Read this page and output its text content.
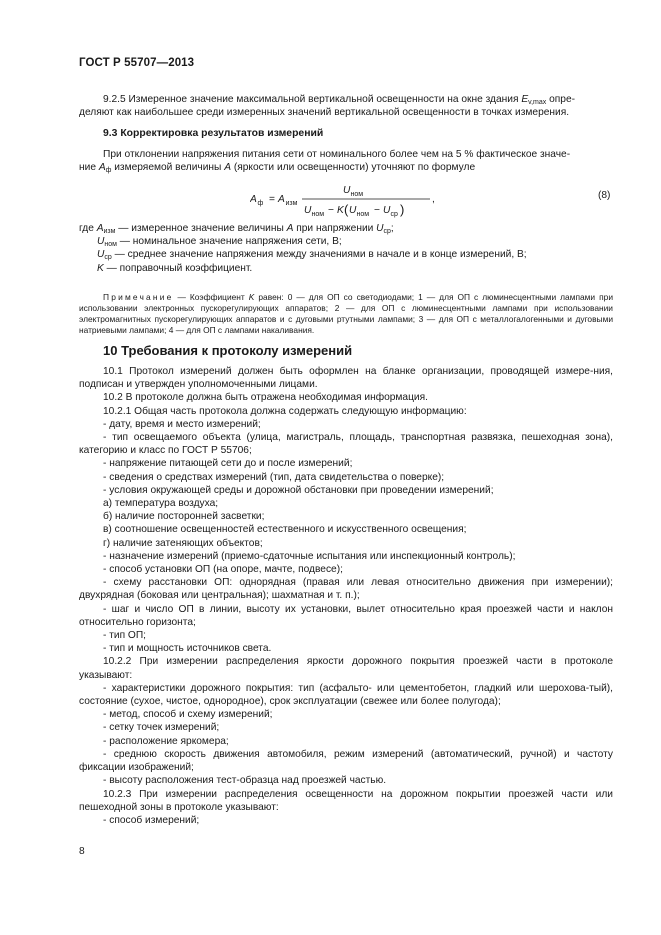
ГОСТ Р 55707—2013

9.2.5 Измеренное значение максимальной вертикальной освещенности на окне здания $E_{v,max}$ опре-

деляют как наибольшее среди измеренных значений вертикальной освещенности в точках измерения.

9.3 Корректировка результатов измерений

При отклонении напряжения питания сети от номинального более чем на 5 % фактическое значе-

ние $A_ф$ измеряемой величины A (яркости или освещенности) уточняют по формуле

A ф = A изм
U ном
U ном − K ( U ном − U ср )
,	(8)

где $A_{изм}$ — измеренное значение величины A при напряжении $U_{ср}$;

$U_{ном}$ — номинальное значение напряжения сети, В;

$U_{ср}$ — среднее значение напряжения между значениями в начале и в конце измерений, В;

K — поправочный коэффициент.

Примечание — Коэффициент K равен: 0 — для ОП со светодиодами; 1 — для ОП с люминесцентными лампами при использовании электронных пускорегулирующих аппаратов; 2 — для ОП с люминесцентными лампами при использовании электромагнитных пускорегулирующих аппаратов и с дуговыми ртутными лампами; 3 — для ОП с металлогалогенными и дуговыми натриевыми лампами; 4 — для ОП с лампами накаливания.

10 Требования к протоколу измерений

10.1 Протокол измерений должен быть оформлен на бланке организации, проводящей измере-ния, подписан и утвержден уполномоченными лицами.

10.2 В протоколе должна быть отражена необходимая информация.

10.2.1 Общая часть протокола должна содержать следующую информацию:

- дату, время и место измерений;

- тип освещаемого объекта (улица, магистраль, площадь, транспортная развязка, пешеходная зона), категорию и класс по ГОСТ Р 55706;

- напряжение питающей сети до и после измерений;

- сведения о средствах измерений (тип, дата свидетельства о поверке);

- условия окружающей среды и дорожной обстановки при проведении измерений;

а) температура воздуха;

б) наличие посторонней засветки;

в) соотношение освещенностей естественного и искусственного освещения;

г) наличие затеняющих объектов;

- назначение измерений (приемо-сдаточные испытания или инспекционный контроль);

- способ установки ОП (на опоре, мачте, подвесе);

- схему расстановки ОП: однорядная (правая или левая относительно движения при измерении); двухрядная (боковая или центральная); шахматная и т. п.);

- шаг и число ОП в линии, высоту их установки, вылет относительно края проезжей части и наклон относительно горизонта;

- тип ОП;

- тип и мощность источников света.

10.2.2 При измерении распределения яркости дорожного покрытия проезжей части в протоколе указывают:

- характеристики дорожного покрытия: тип (асфальто- или цементобетон, гладкий или шерохова-тый), состояние (сухое, чистое, однородное), срок эксплуатации (свежее или более полугода);

- метод, способ и схему измерений;

- сетку точек измерений;

- расположение яркомера;

- среднюю скорость движения автомобиля, режим измерений (автоматический, ручной) и частоту фиксации изображений;

- высоту расположения тест-образца над проезжей частью.

10.2.3 При измерении распределения освещенности на дорожном покрытии проезжей части или пешеходной зоны в протоколе указывают:

- способ измерений;

8
